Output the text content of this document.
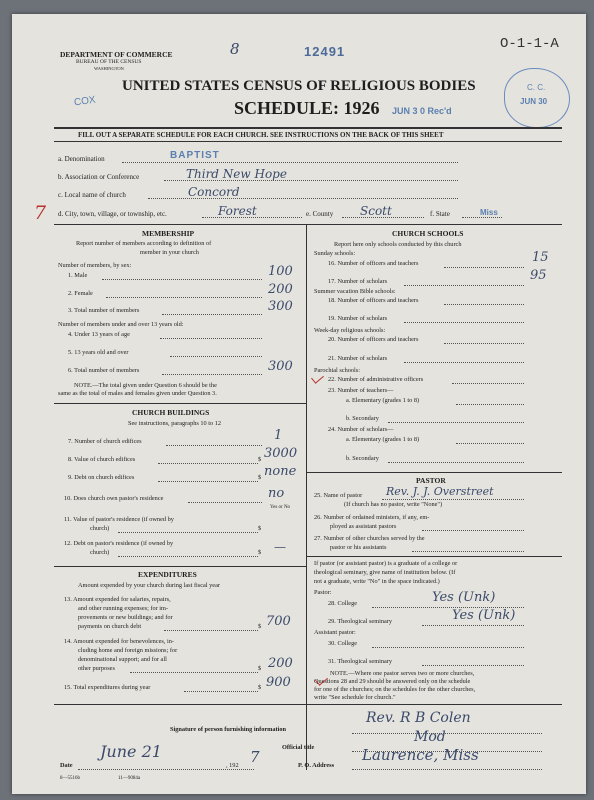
DEPARTMENT OF COMMERCE
BUREAU OF THE CENSUS
WASHINGTON
8	12491	O-1-1-A
COX
UNITED STATES CENSUS OF RELIGIOUS BODIES
SCHEDULE: 1926 JUN 3 0 Rec'd
C. C.
JUN 30
FILL OUT A SEPARATE SCHEDULE FOR EACH CHURCH. SEE INSTRUCTIONS ON THE BACK OF THIS SHEET
a. Denomination	BAPTIST
b. Association or Conference	Third New Hope
c. Local name of church	Concord
7 d. City, town, village, or township, etc.	Forest	e. County Scott	f. State	Miss
MEMBERSHIP
Report number of members according to definition of
member in your church
Number of members, by sex:
1. Male	100
2. Female	200
3. Total number of members	300
Number of members under and over 13 years old:
4. Under 13 years of age
5. 13 years old and over
6. Total number of members	300
NOTE.—The total given under Question 6 should be the
same as the total of males and females given under Question 3.
CHURCH BUILDINGS
See instructions, paragraphs 10 to 12
7. Number of church edifices	1
8. Value of church edifices	$ 3000
9. Debt on church edifices	$ none
10. Does church own pastor's residence	no
Yes or No
11. Value of pastor's residence (if owned by
church)	$
12. Debt on pastor's residence (if owned by
church)	$ —
EXPENDITURES
Amount expended by your church during last fiscal year
13. Amount expended for salaries, repairs,
and other running expenses; for im-
provements or new buildings; and for
payments on church debt	$ 700
14. Amount expended for benevolences, in-
cluding home and foreign missions; for
denominational support; and for all
other purposes	$ 200
15. Total expenditures during year	$ 900
CHURCH SCHOOLS
Report here only schools conducted by this church
Sunday schools:
16. Number of officers and teachers	15
17. Number of scholars	95
Summer vacation Bible schools:
18. Number of officers and teachers
19. Number of scholars
Week-day religious schools:
20. Number of officers and teachers
21. Number of scholars
Parochial schools:
22. Number of administrative officers
23. Number of teachers—
a. Elementary (grades 1 to 8)
b. Secondary
24. Number of scholars—
a. Elementary (grades 1 to 8)
b. Secondary
PASTOR
25. Name of pastor Rev. J. J. Overstreet
(If church has no pastor, write "None")
26. Number of ordained ministers, if any, em-
ployed as assistant pastors
27. Number of other churches served by the
pastor or his assistants
If pastor (or assistant pastor) is a graduate of a college or
theological seminary, give name of institution below. (If
not a graduate, write "No" in the space indicated.)
Pastor:
28. College	Yes (Unk)
29. Theological seminary	Yes (Unk)
Assistant pastor:
30. College
31. Theological seminary
NOTE.—Where one pastor serves two or more churches,
Questions 28 and 29 should be answered only on the schedule
for one of the churches; on the schedules for the other churches,
write "See schedule for church."
Signature of person furnishing information
Rev. R B Colen
Official title
Mod
Date
June 21
, 192 7	P. O. Address
Laurence, Miss
8—5516b	11—9084a
